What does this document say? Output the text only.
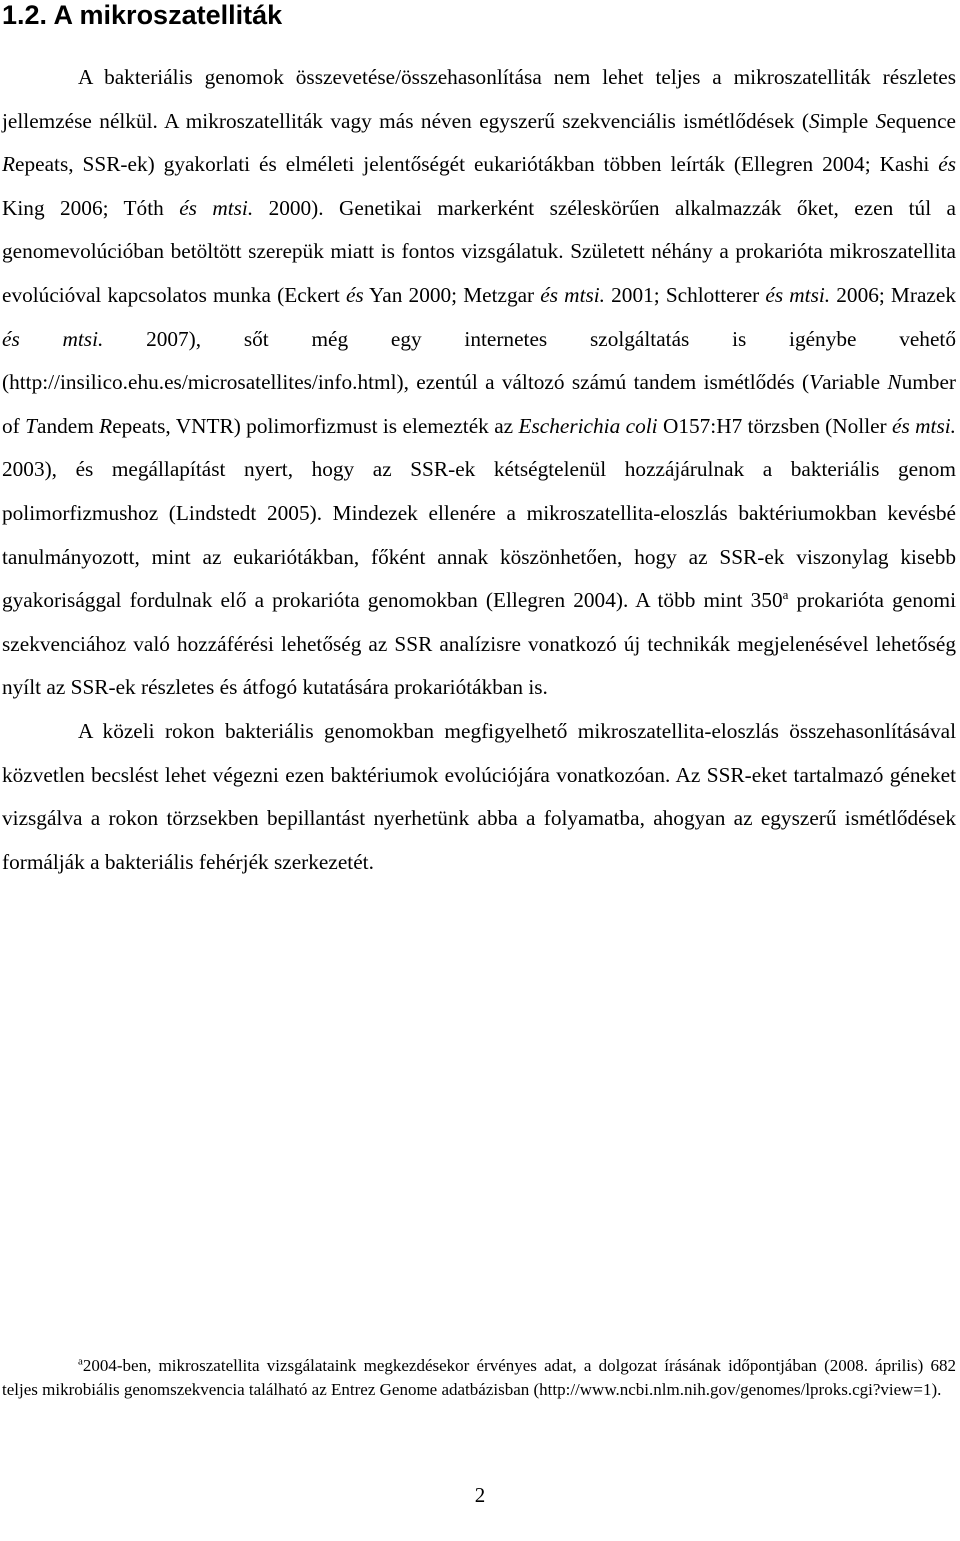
1.2. A mikroszatelliták

A bakteriális genomok összevetése/összehasonlítása nem lehet teljes a mikroszatelliták részletes jellemzése nélkül. A mikroszatelliták vagy más néven egyszerű szekvenciális ismétlődések (Simple Sequence Repeats, SSR-ek) gyakorlati és elméleti jelentőségét eukariótákban többen leírták (Ellegren 2004; Kashi és King 2006; Tóth és mtsi. 2000). Genetikai markerként széleskörűen alkalmazzák őket, ezen túl a genomevolúcióban betöltött szerepük miatt is fontos vizsgálatuk. Született néhány a prokarióta mikroszatellita evolúcióval kapcsolatos munka (Eckert és Yan 2000; Metzgar és mtsi. 2001; Schlotterer és mtsi. 2006; Mrazek és mtsi. 2007), sőt még egy internetes szolgáltatás is igénybe vehető (http://insilico.ehu.es/microsatellites/info.html), ezentúl a változó számú tandem ismétlődés (Variable Number of Tandem Repeats, VNTR) polimorfizmust is elemezték az Escherichia coli O157:H7 törzsben (Noller és mtsi. 2003), és megállapítást nyert, hogy az SSR-ek kétségtelenül hozzájárulnak a bakteriális genom polimorfizmushoz (Lindstedt 2005). Mindezek ellenére a mikroszatellita-eloszlás baktériumokban kevésbé tanulmányozott, mint az eukariótákban, főként annak köszönhetően, hogy az SSR-ek viszonylag kisebb gyakorisággal fordulnak elő a prokarióta genomokban (Ellegren 2004). A több mint 350$^a$ prokarióta genomi szekvenciához való hozzáférési lehetőség az SSR analízisre vonatkozó új technikák megjelenésével lehetőség nyílt az SSR-ek részletes és átfogó kutatására prokariótákban is.

A közeli rokon bakteriális genomokban megfigyelhető mikroszatellita-eloszlás összehasonlításával közvetlen becslést lehet végezni ezen baktériumok evolúciójára vonatkozóan. Az SSR-eket tartalmazó géneket vizsgálva a rokon törzsekben bepillantást nyerhetünk abba a folyamatba, ahogyan az egyszerű ismétlődések formálják a bakteriális fehérjék szerkezetét.

$^a$2004-ben, mikroszatellita vizsgálataink megkezdésekor érvényes adat, a dolgozat írásának időpontjában (2008. április) 682 teljes mikrobiális genomszekvencia található az Entrez Genome adatbázisban (http://www.ncbi.nlm.nih.gov/genomes/lproks.cgi?view=1).

2
